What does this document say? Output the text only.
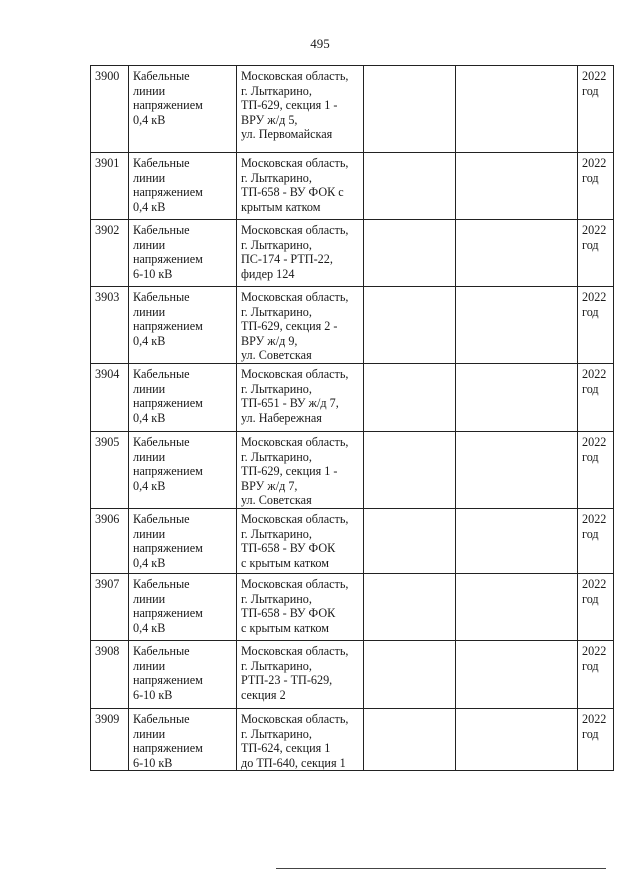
495
3900	Кабельные
линии
напряжением
0,4 кВ	Московская область,
г. Лыткарино,
ТП-629, секция 1 -
ВРУ ж/д 5,
ул. Первомайская			2022
год

3901	Кабельные
линии
напряжением
0,4 кВ	Московская область,
г. Лыткарино,
ТП-658 - ВУ ФОК с
крытым катком			2022
год

3902	Кабельные
линии
напряжением
6-10 кВ	Московская область,
г. Лыткарино,
ПС-174 - РТП-22,
фидер 124			2022
год

3903	Кабельные
линии
напряжением
0,4 кВ	Московская область,
г. Лыткарино,
ТП-629, секция 2 -
ВРУ ж/д 9,
ул. Советская			2022
год

3904	Кабельные
линии
напряжением
0,4 кВ	Московская область,
г. Лыткарино,
ТП-651 - ВУ ж/д 7,
ул. Набережная			2022
год

3905	Кабельные
линии
напряжением
0,4 кВ	Московская область,
г. Лыткарино,
ТП-629, секция 1 -
ВРУ ж/д 7,
ул. Советская			2022
год

3906	Кабельные
линии
напряжением
0,4 кВ	Московская область,
г. Лыткарино,
ТП-658 - ВУ ФОК
с крытым катком			2022
год

3907	Кабельные
линии
напряжением
0,4 кВ	Московская область,
г. Лыткарино,
ТП-658 - ВУ ФОК
с крытым катком			2022
год

3908	Кабельные
линии
напряжением
6-10 кВ	Московская область,
г. Лыткарино,
РТП-23 - ТП-629,
секция 2			2022
год

3909	Кабельные
линии
напряжением
6-10 кВ	Московская область,
г. Лыткарино,
ТП-624, секция 1
до ТП-640, секция 1			2022
год
